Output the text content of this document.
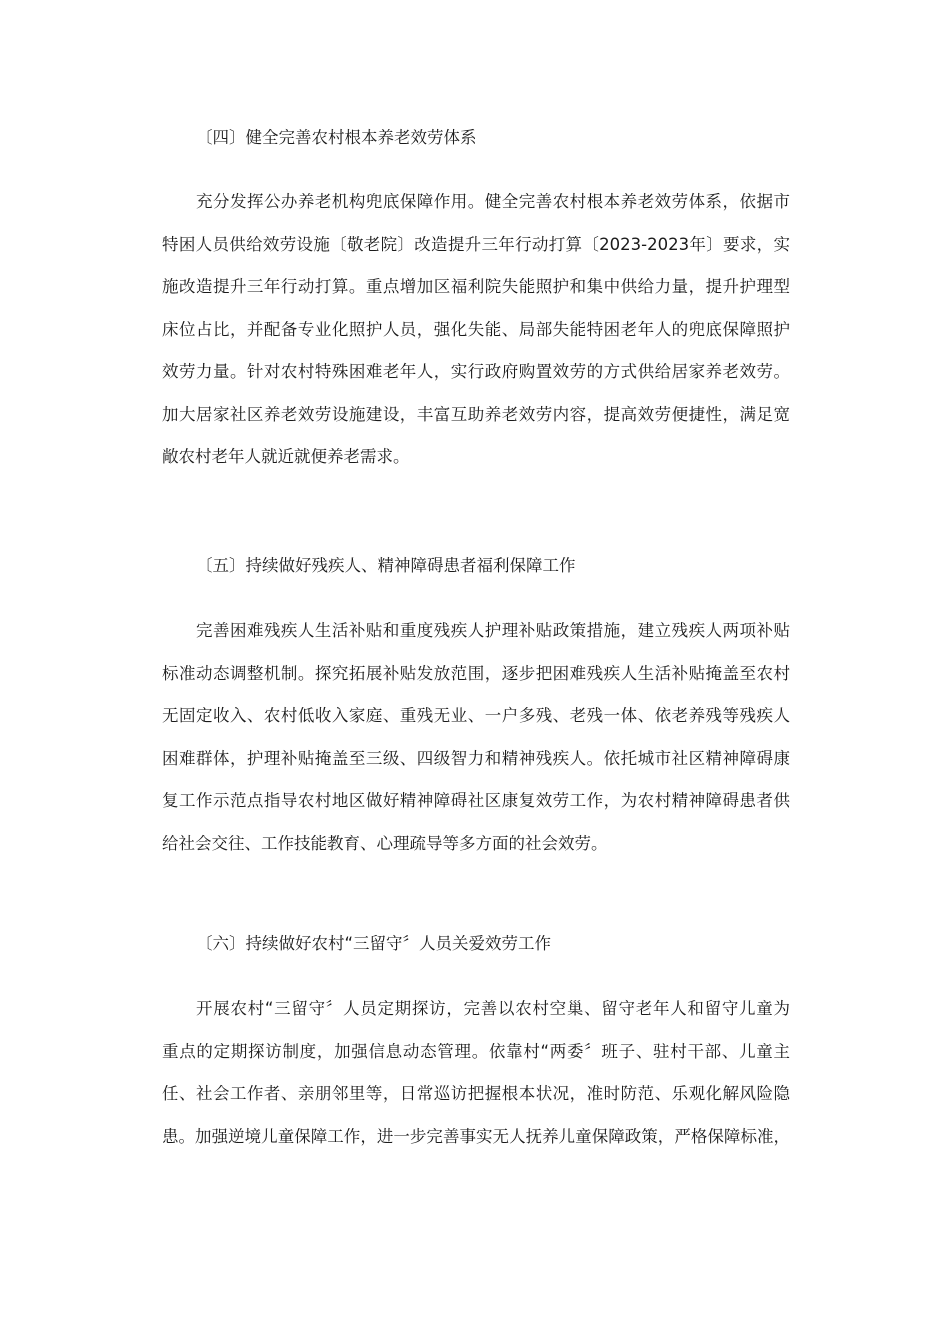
〔四〕健全完善农村根本养老效劳体系
充分发挥公办养老机构兜底保障作用。健全完善农村根本养老效劳体系，依据市
特困人员供给效劳设施〔敬老院〕改造提升三年行动打算〔2023-2023年〕要求，实
施改造提升三年行动打算。重点增加区福利院失能照护和集中供给力量，提升护理型
床位占比，并配备专业化照护人员，强化失能、局部失能特困老年人的兜底保障照护
效劳力量。针对农村特殊困难老年人，实行政府购置效劳的方式供给居家养老效劳。
加大居家社区养老效劳设施建设，丰富互助养老效劳内容，提高效劳便捷性，满足宽
敞农村老年人就近就便养老需求。
〔五〕持续做好残疾人、精神障碍患者福利保障工作
完善困难残疾人生活补贴和重度残疾人护理补贴政策措施，建立残疾人两项补贴
标准动态调整机制。探究拓展补贴发放范围，逐步把困难残疾人生活补贴掩盖至农村
无固定收入、农村低收入家庭、重残无业、一户多残、老残一体、依老养残等残疾人
困难群体，护理补贴掩盖至三级、四级智力和精神残疾人。依托城市社区精神障碍康
复工作示范点指导农村地区做好精神障碍社区康复效劳工作，为农村精神障碍患者供
给社会交往、工作技能教育、心理疏导等多方面的社会效劳。
〔六〕持续做好农村“三留守〞人员关爱效劳工作
开展农村“三留守〞人员定期探访，完善以农村空巢、留守老年人和留守儿童为
重点的定期探访制度，加强信息动态管理。依靠村“两委〞班子、驻村干部、儿童主
任、社会工作者、亲朋邻里等，日常巡访把握根本状况，准时防范、乐观化解风险隐
患。加强逆境儿童保障工作，进一步完善事实无人抚养儿童保障政策，严格保障标准，
